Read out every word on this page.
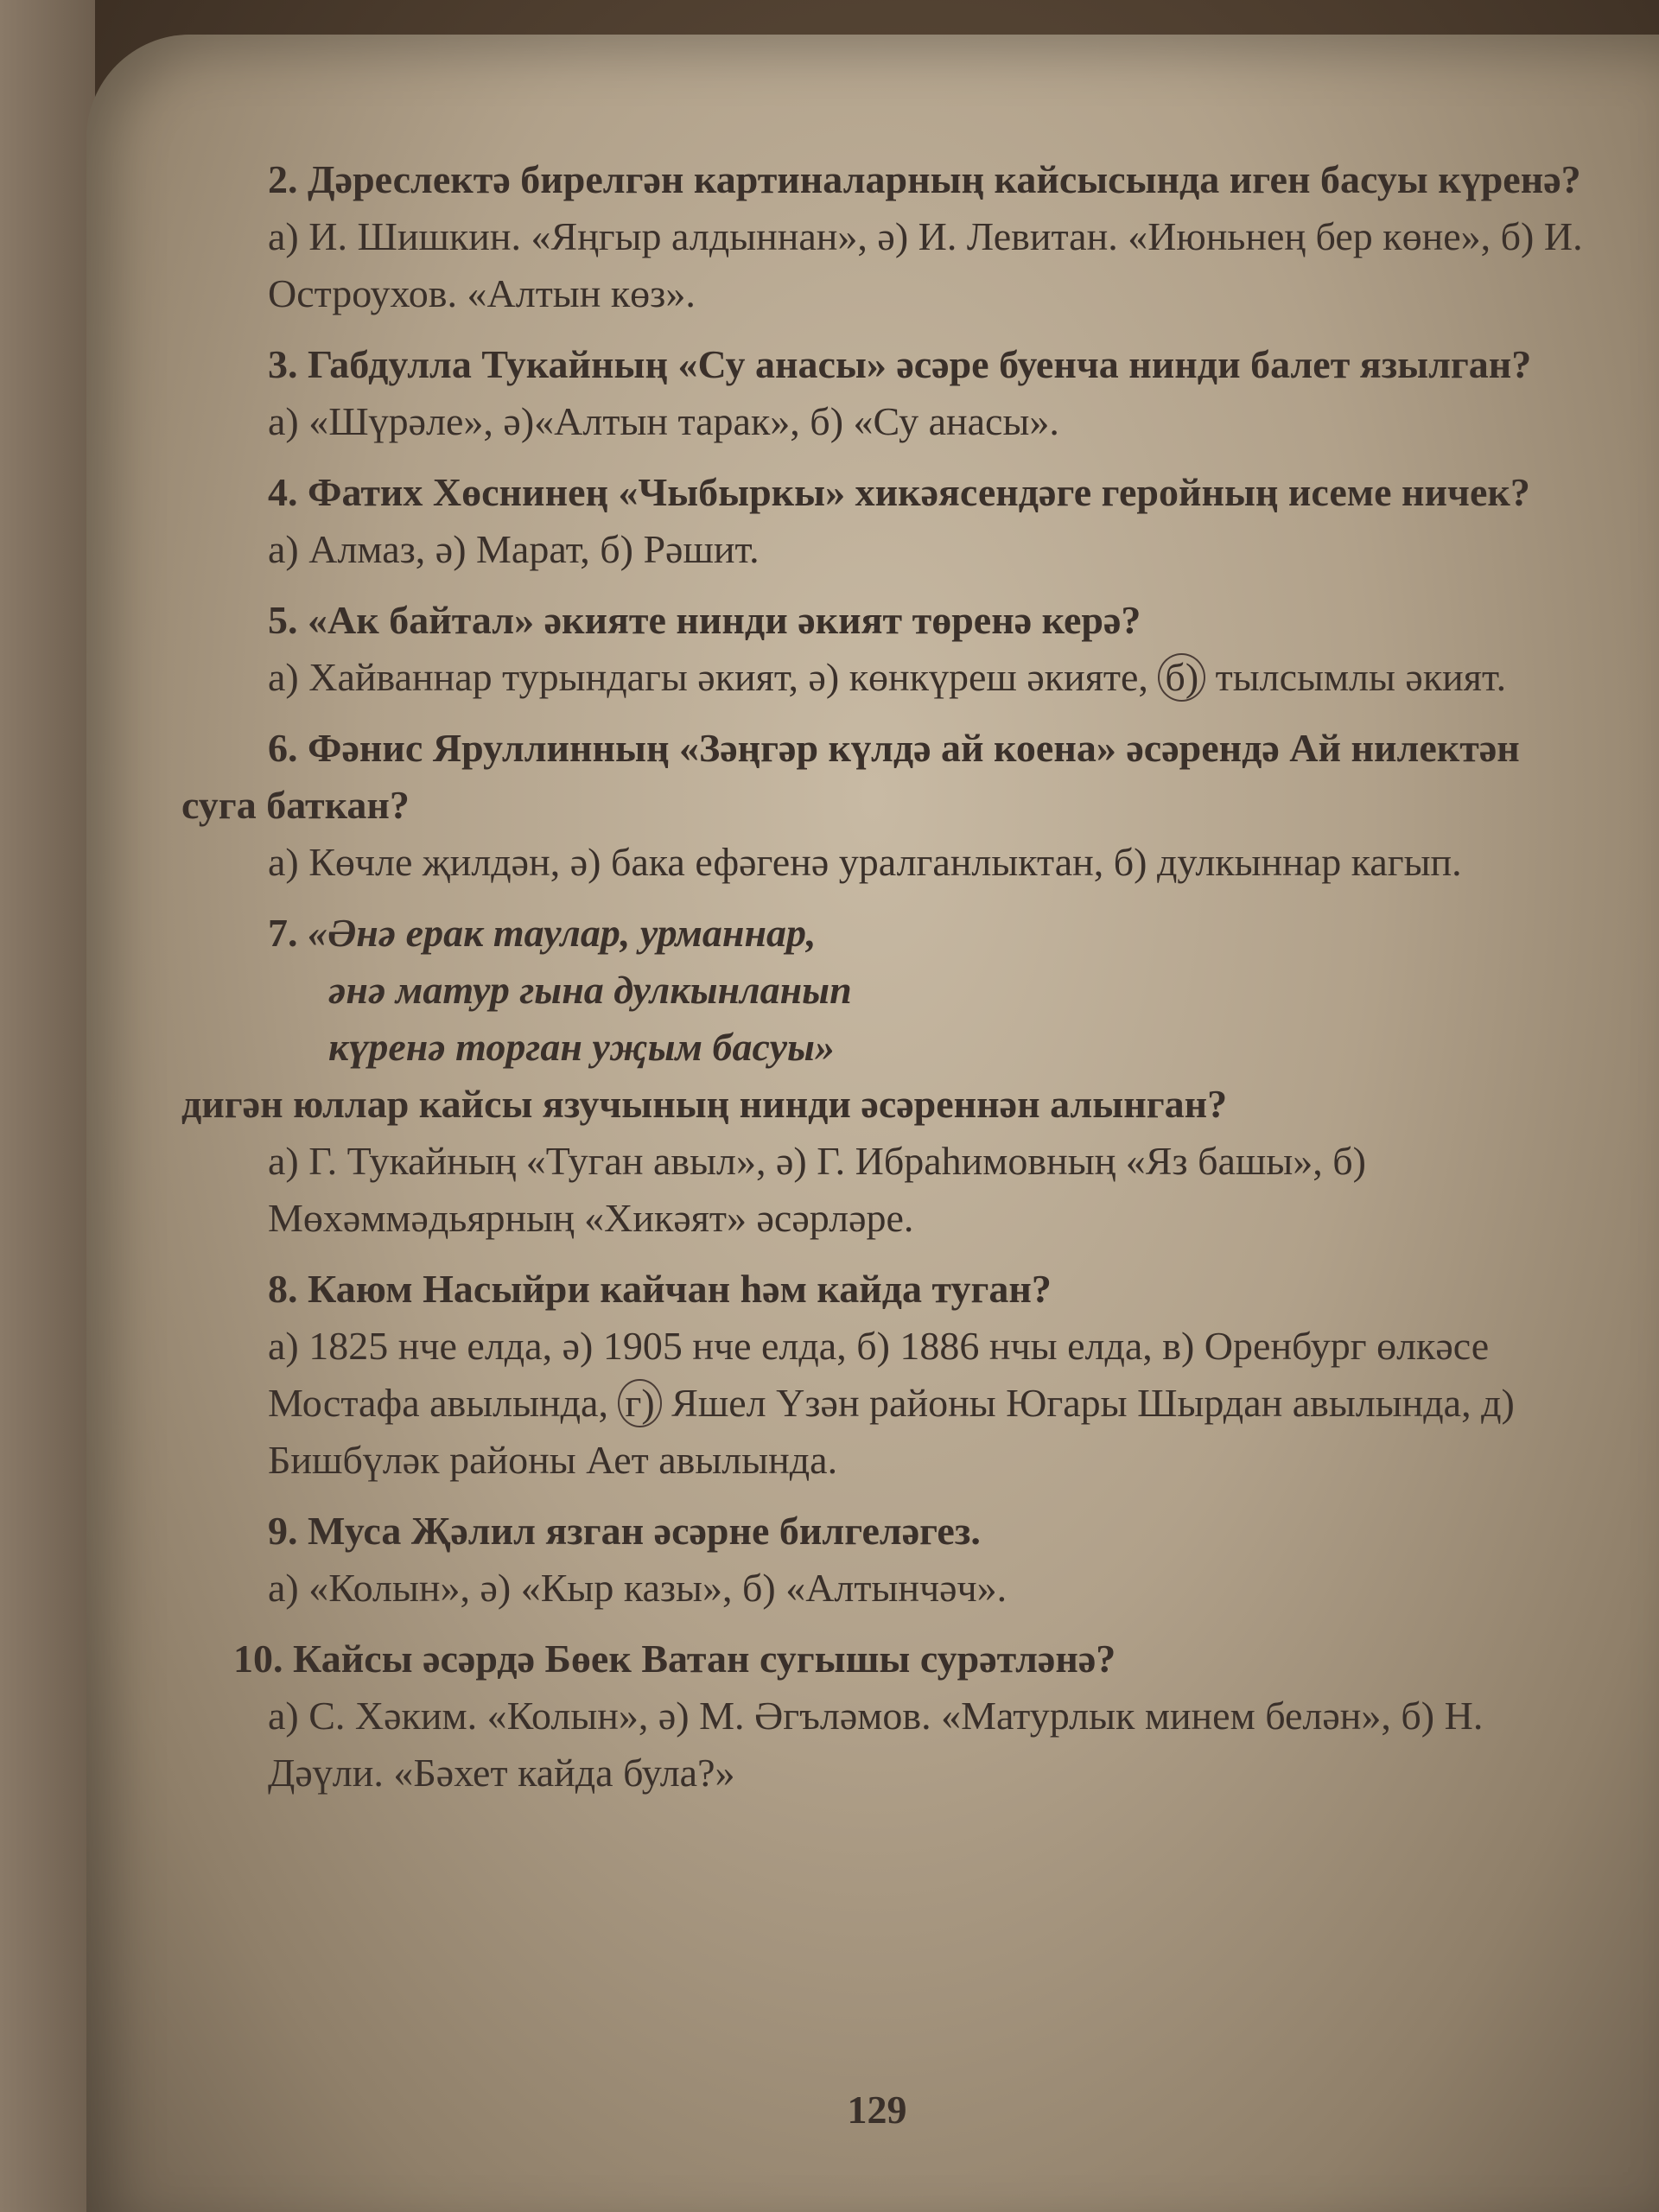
2. Дәреслектә бирелгән картиналарның кайсысында иген басуы күренә?

а) И. Шишкин. «Яңгыр алдыннан», ә) И. Левитан. «Июньнең бер көне», б) И. Остроухов. «Алтын көз».

3. Габдулла Тукайның «Су анасы» әсәре буенча нинди балет язылган?

а) «Шүрәле», ә)«Алтын тарак», б) «Су анасы».

4. Фатих Хөснинең «Чыбыркы» хикәясендәге геройның исеме ничек?

а) Алмаз, ә) Марат, б) Рәшит.

5. «Ак байтал» әкияте нинди әкият төренә керә?

а) Хайваннар турындагы әкият, ә) көнкүреш әкияте, б) тылсымлы әкият.

6. Фәнис Яруллинның «Зәңгәр күлдә ай коена» әсәрендә Ай нилектән суга баткан?

а) Көчле җилдән, ә) бака ефәгенә уралганлыктан, б) дулкыннар кагып.

7. «Әнә ерак таулар, урманнар,

әнә матур гына дулкынланып

күренә торган уҗым басуы»

дигән юллар кайсы язучының нинди әсәреннән алынган?

а) Г. Тукайның «Туган авыл», ә) Г. Ибраһимовның «Яз башы», б) Мөхәммәдьярның «Хикәят» әсәрләре.

8. Каюм Насыйри кайчан һәм кайда туган?

а) 1825 нче елда, ә) 1905 нче елда, б) 1886 нчы елда, в) Оренбург өлкәсе Мостафа авылында, г) Яшел Үзән районы Югары Шырдан авылында, д) Бишбүләк районы Ает авылында.

9. Муса Җәлил язган әсәрне билгеләгез.

а) «Колын», ә) «Кыр казы», б) «Алтынчәч».

10. Кайсы әсәрдә Бөек Ватан сугышы сурәтләнә?

а) С. Хәким. «Колын», ә) М. Әгъләмов. «Матурлык минем белән», б) Н. Дәүли. «Бәхет кайда була?»

129
